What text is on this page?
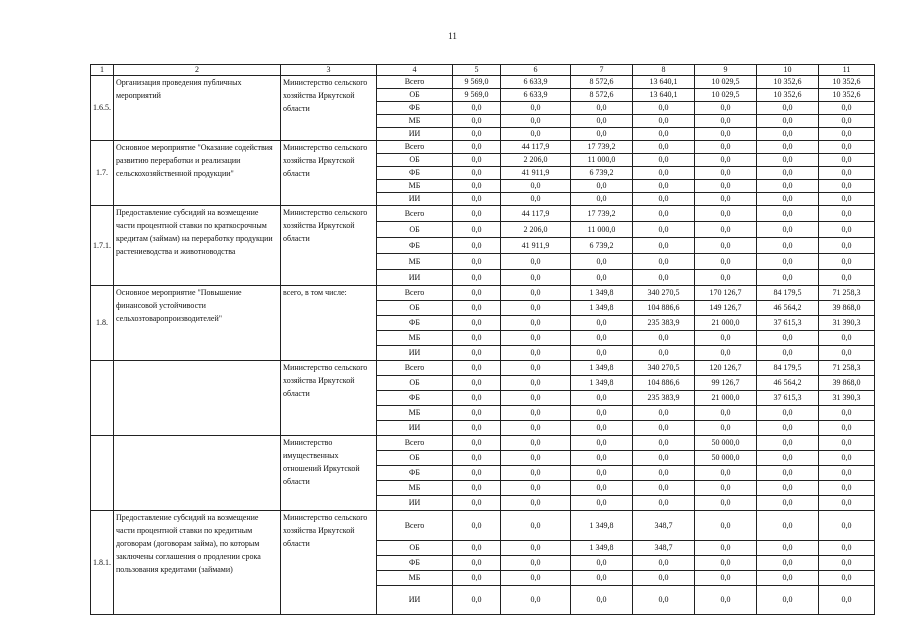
11
1	2	3	4	5	6	7	8	9	10	11
1.6.5.	Организация проведения публичных мероприятий	Министерство сельского хозяйства Иркутской области	Всего	9 569,0	6 633,9	8 572,6	13 640,1	10 029,5	10 352,6	10 352,6
			ОБ	9 569,0	6 633,9	8 572,6	13 640,1	10 029,5	10 352,6	10 352,6
			ФБ	0,0	0,0	0,0	0,0	0,0	0,0	0,0
			МБ	0,0	0,0	0,0	0,0	0,0	0,0	0,0
			ИИ	0,0	0,0	0,0	0,0	0,0	0,0	0,0
1.7.	Основное мероприятие "Оказание содействия развитию переработки и реализации сельскохозяйственной продукции"	Министерство сельского хозяйства Иркутской области	Всего	0,0	44 117,9	17 739,2	0,0	0,0	0,0	0,0
			ОБ	0,0	2 206,0	11 000,0	0,0	0,0	0,0	0,0
			ФБ	0,0	41 911,9	6 739,2	0,0	0,0	0,0	0,0
			МБ	0,0	0,0	0,0	0,0	0,0	0,0	0,0
			ИИ	0,0	0,0	0,0	0,0	0,0	0,0	0,0
1.7.1.	Предоставление субсидий на возмещение части процентной ставки по краткосрочным кредитам (займам) на переработку продукции растениеводства и животноводства	Министерство сельского хозяйства Иркутской области	Всего	0,0	44 117,9	17 739,2	0,0	0,0	0,0	0,0
			ОБ	0,0	2 206,0	11 000,0	0,0	0,0	0,0	0,0
			ФБ	0,0	41 911,9	6 739,2	0,0	0,0	0,0	0,0
			МБ	0,0	0,0	0,0	0,0	0,0	0,0	0,0
			ИИ	0,0	0,0	0,0	0,0	0,0	0,0	0,0
1.8.	Основное мероприятие "Повышение финансовой устойчивости сельхозтоваропроизводителей"	всего, в том числе:	Всего	0,0	0,0	1 349,8	340 270,5	170 126,7	84 179,5	71 258,3
			ОБ	0,0	0,0	1 349,8	104 886,6	149 126,7	46 564,2	39 868,0
			ФБ	0,0	0,0	0,0	235 383,9	21 000,0	37 615,3	31 390,3
			МБ	0,0	0,0	0,0	0,0	0,0	0,0	0,0
			ИИ	0,0	0,0	0,0	0,0	0,0	0,0	0,0
		Министерство сельского хозяйства Иркутской области	Всего	0,0	0,0	1 349,8	340 270,5	120 126,7	84 179,5	71 258,3
			ОБ	0,0	0,0	1 349,8	104 886,6	99 126,7	46 564,2	39 868,0
			ФБ	0,0	0,0	0,0	235 383,9	21 000,0	37 615,3	31 390,3
			МБ	0,0	0,0	0,0	0,0	0,0	0,0	0,0
			ИИ	0,0	0,0	0,0	0,0	0,0	0,0	0,0
		Министерство имущественных отношений Иркутской области	Всего	0,0	0,0	0,0	0,0	50 000,0	0,0	0,0
			ОБ	0,0	0,0	0,0	0,0	50 000,0	0,0	0,0
			ФБ	0,0	0,0	0,0	0,0	0,0	0,0	0,0
			МБ	0,0	0,0	0,0	0,0	0,0	0,0	0,0
			ИИ	0,0	0,0	0,0	0,0	0,0	0,0	0,0
1.8.1.	Предоставление субсидий на возмещение части процентной ставки по кредитным договорам (договорам займа), по которым заключены соглашения о продлении срока пользования кредитами (займами)	Министерство сельского хозяйства Иркутской области	Всего	0,0	0,0	1 349,8	348,7	0,0	0,0	0,0
			ОБ	0,0	0,0	1 349,8	348,7	0,0	0,0	0,0
			ФБ	0,0	0,0	0,0	0,0	0,0	0,0	0,0
			МБ	0,0	0,0	0,0	0,0	0,0	0,0	0,0
			ИИ	0,0	0,0	0,0	0,0	0,0	0,0	0,0
